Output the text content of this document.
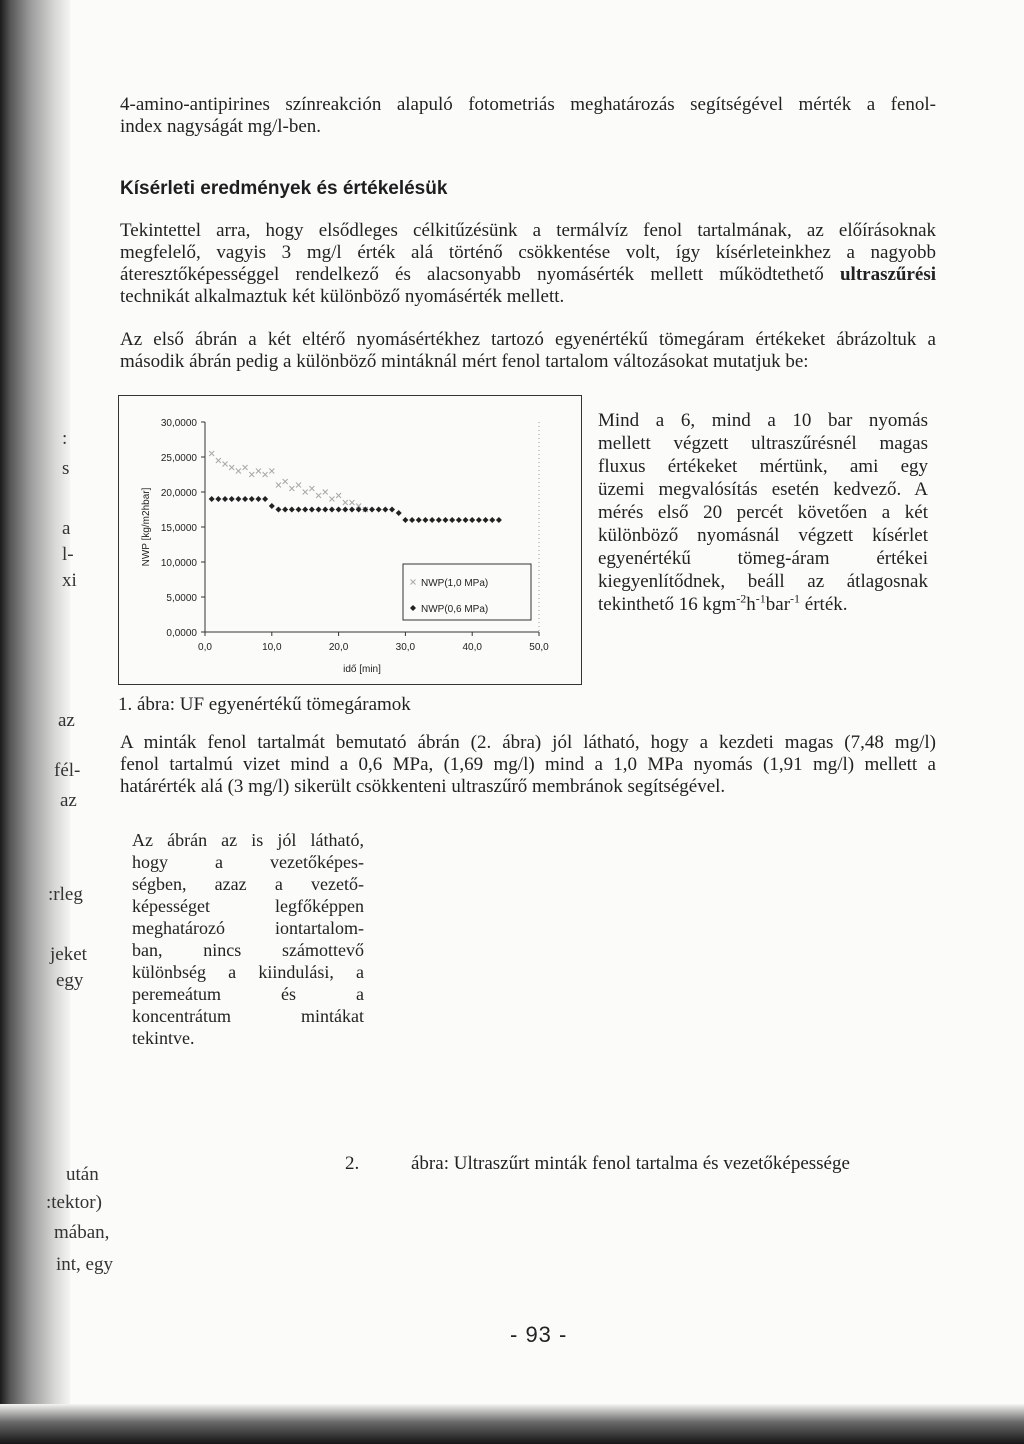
:
s
a
l-
xi
az
fél-
az
:rleg
jeket
egy
után
:tektor)
mában,
int, egy
4-amino-antipirines színreakción alapuló fotometriás meghatározás segítségével mérték a fenol-
index nagyságát mg/l-ben.
Kísérleti eredmények és értékelésük
Tekintettel arra, hogy elsődleges célkitűzésünk a termálvíz fenol tartalmának, az előírásoknak
megfelelő, vagyis 3 mg/l érték alá történő csökkentése volt, így kísérleteinkhez a nagyobb
áteresztőképességgel rendelkező és alacsonyabb nyomásérték mellett működtethető ultraszűrési
technikát alkalmaztuk két különböző nyomásérték mellett.
Az első ábrán a két eltérő nyomásértékhez tartozó egyenértékű tömegáram értékeket ábrázoltuk a
második ábrán pedig a különböző mintáknál mért fenol tartalom változásokat mutatjuk be:
0,0000
5,0000
10,0000
15,0000
20,0000
25,0000
30,0000
0,0	10,0	20,0	30,0	40,0	50,0
NWP [kg/m2hbar]
idő [min]
NWP(1,0 MPa)
NWP(0,6 MPa)
Mind a 6, mind a 10 bar nyomás
mellett végzett ultraszűrésnél magas
fluxus értékeket mértünk, ami egy
üzemi megvalósítás esetén kedvező. A
mérés első 20 percét követően a két
különböző nyomásnál végzett kísérlet
egyenértékű tömeg-áram értékei
kiegyenlítődnek, beáll az átlagosnak
tekinthető 16 $kgm^{-2}h^{-1}bar^{-1}$ érték.
1. ábra: UF egyenértékű tömegáramok
A minták fenol tartalmát bemutató ábrán (2. ábra) jól látható, hogy a kezdeti magas (7,48 mg/l)
fenol tartalmú vizet mind a 0,6 MPa, (1,69 mg/l) mind a 1,0 MPa nyomás (1,91 mg/l) mellett a
határérték alá (3 mg/l) sikerült csökkenteni ultraszűrő membránok segítségével.
Az ábrán az is jól látható,
hogy a vezetőképes-
ségben, azaz a vezető-
képességet legfőképpen
meghatározó iontartalom-
ban, nincs számottevő
különbség a kiindulási, a
peremeátum és a
koncentrátum mintákat
tekintve.
2.	ábra: Ultraszűrt minták fenol tartalma és vezetőképessége
- 93 -
